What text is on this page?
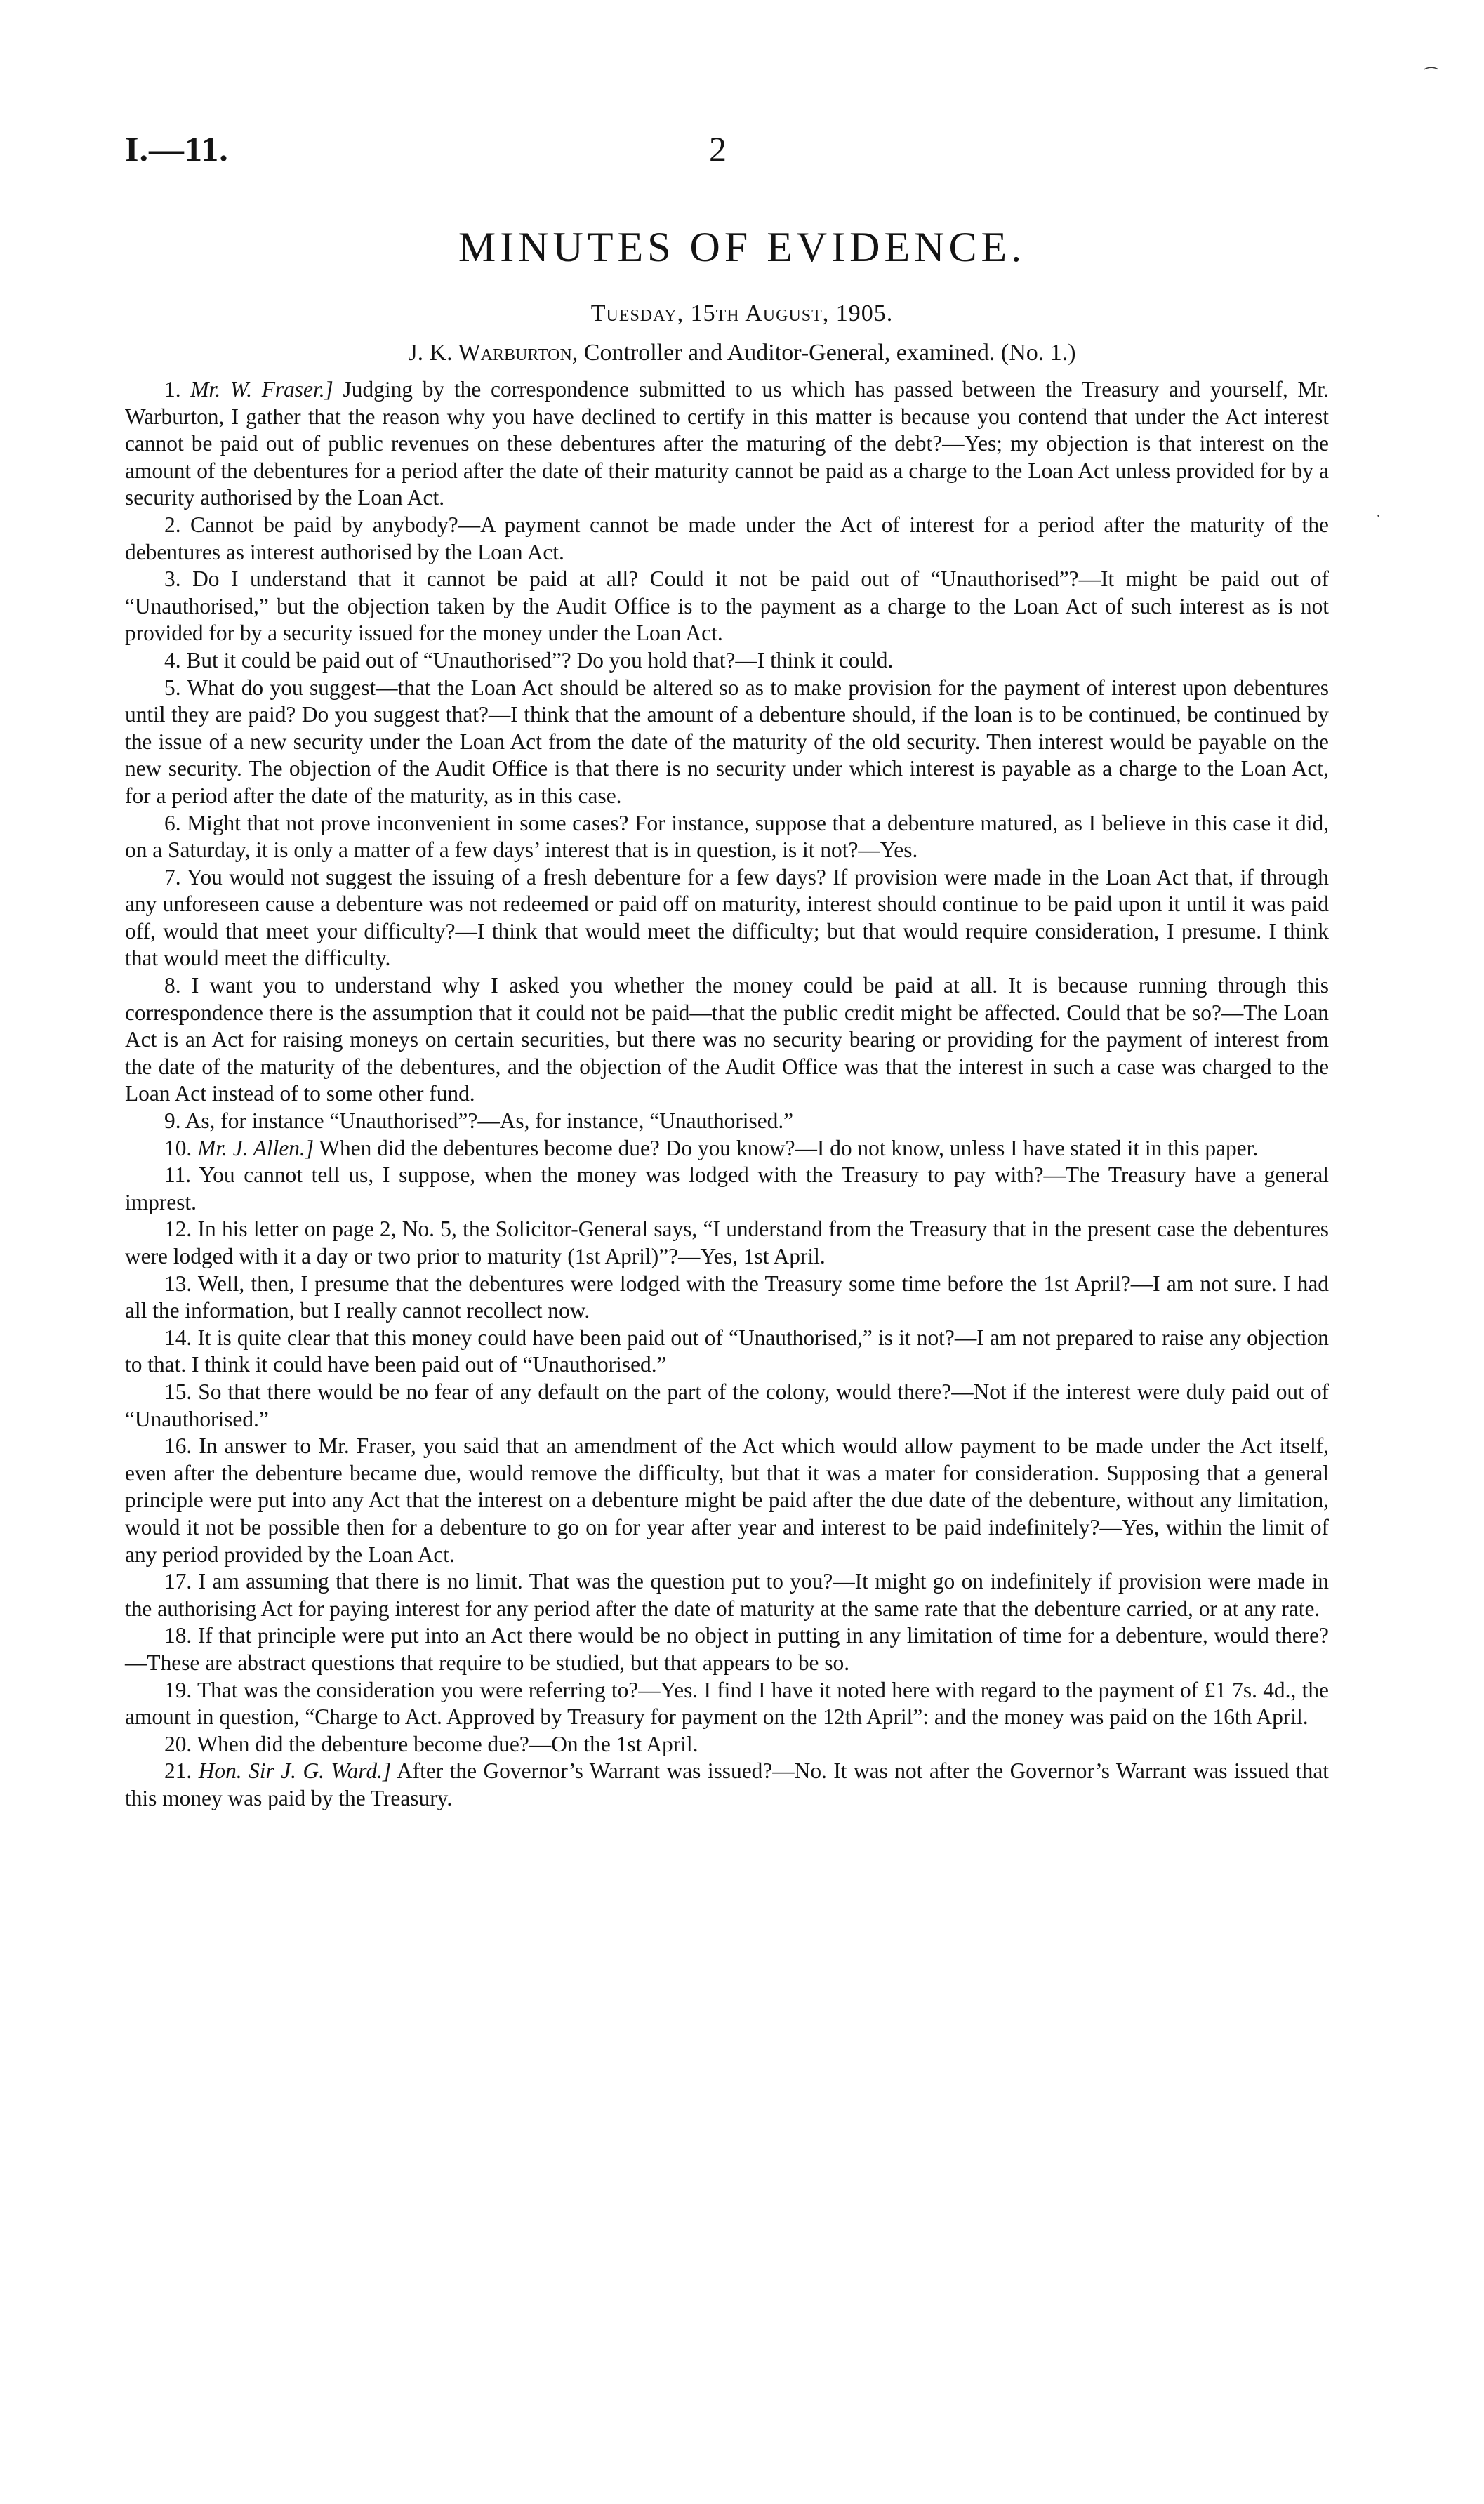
I.—11.	2
MINUTES OF EVIDENCE.
Tuesday, 15th August, 1905.
J. K. Warburton, Controller and Auditor-General, examined. (No. 1.)

1. Mr. W. Fraser.] Judging by the correspondence submitted to us which has passed between the Treasury and yourself, Mr. Warburton, I gather that the reason why you have declined to certify in this matter is because you contend that under the Act interest cannot be paid out of public revenues on these debentures after the maturing of the debt?—Yes; my objection is that interest on the amount of the debentures for a period after the date of their maturity cannot be paid as a charge to the Loan Act unless provided for by a security authorised by the Loan Act.

2. Cannot be paid by anybody?—A payment cannot be made under the Act of interest for a period after the maturity of the debentures as interest authorised by the Loan Act.

3. Do I understand that it cannot be paid at all? Could it not be paid out of “Unauthorised”?—It might be paid out of “Unauthorised,” but the objection taken by the Audit Office is to the payment as a charge to the Loan Act of such interest as is not provided for by a security issued for the money under the Loan Act.

4. But it could be paid out of “Unauthorised”? Do you hold that?—I think it could.

5. What do you suggest—that the Loan Act should be altered so as to make provision for the payment of interest upon debentures until they are paid? Do you suggest that?—I think that the amount of a debenture should, if the loan is to be continued, be continued by the issue of a new security under the Loan Act from the date of the maturity of the old security. Then interest would be payable on the new security. The objection of the Audit Office is that there is no security under which interest is payable as a charge to the Loan Act, for a period after the date of the maturity, as in this case.

6. Might that not prove inconvenient in some cases? For instance, suppose that a debenture matured, as I believe in this case it did, on a Saturday, it is only a matter of a few days’ interest that is in question, is it not?—Yes.

7. You would not suggest the issuing of a fresh debenture for a few days? If provision were made in the Loan Act that, if through any unforeseen cause a debenture was not redeemed or paid off on maturity, interest should continue to be paid upon it until it was paid off, would that meet your difficulty?—I think that would meet the difficulty; but that would require consideration, I presume. I think that would meet the difficulty.

8. I want you to understand why I asked you whether the money could be paid at all. It is because running through this correspondence there is the assumption that it could not be paid—that the public credit might be affected. Could that be so?—The Loan Act is an Act for raising moneys on certain securities, but there was no security bearing or providing for the payment of interest from the date of the maturity of the debentures, and the objection of the Audit Office was that the interest in such a case was charged to the Loan Act instead of to some other fund.

9. As, for instance “Unauthorised”?—As, for instance, “Unauthorised.”

10. Mr. J. Allen.] When did the debentures become due? Do you know?—I do not know, unless I have stated it in this paper.

11. You cannot tell us, I suppose, when the money was lodged with the Treasury to pay with?—The Treasury have a general imprest.

12. In his letter on page 2, No. 5, the Solicitor-General says, “I understand from the Treasury that in the present case the debentures were lodged with it a day or two prior to maturity (1st April)”?—Yes, 1st April.

13. Well, then, I presume that the debentures were lodged with the Treasury some time before the 1st April?—I am not sure. I had all the information, but I really cannot recollect now.

14. It is quite clear that this money could have been paid out of “Unauthorised,” is it not?—I am not prepared to raise any objection to that. I think it could have been paid out of “Unauthorised.”

15. So that there would be no fear of any default on the part of the colony, would there?—Not if the interest were duly paid out of “Unauthorised.”

16. In answer to Mr. Fraser, you said that an amendment of the Act which would allow payment to be made under the Act itself, even after the debenture became due, would remove the difficulty, but that it was a mater for consideration. Supposing that a general principle were put into any Act that the interest on a debenture might be paid after the due date of the debenture, without any limitation, would it not be possible then for a debenture to go on for year after year and interest to be paid indefinitely?—Yes, within the limit of any period provided by the Loan Act.

17. I am assuming that there is no limit. That was the question put to you?—It might go on indefinitely if provision were made in the authorising Act for paying interest for any period after the date of maturity at the same rate that the debenture carried, or at any rate.

18. If that principle were put into an Act there would be no object in putting in any limitation of time for a debenture, would there?—These are abstract questions that require to be studied, but that appears to be so.

19. That was the consideration you were referring to?—Yes. I find I have it noted here with regard to the payment of £1 7s. 4d., the amount in question, “Charge to Act. Approved by Treasury for payment on the 12th April”: and the money was paid on the 16th April.

20. When did the debenture become due?—On the 1st April.

21. Hon. Sir J. G. Ward.] After the Governor’s Warrant was issued?—No. It was not after the Governor’s Warrant was issued that this money was paid by the Treasury.

⁀
·
